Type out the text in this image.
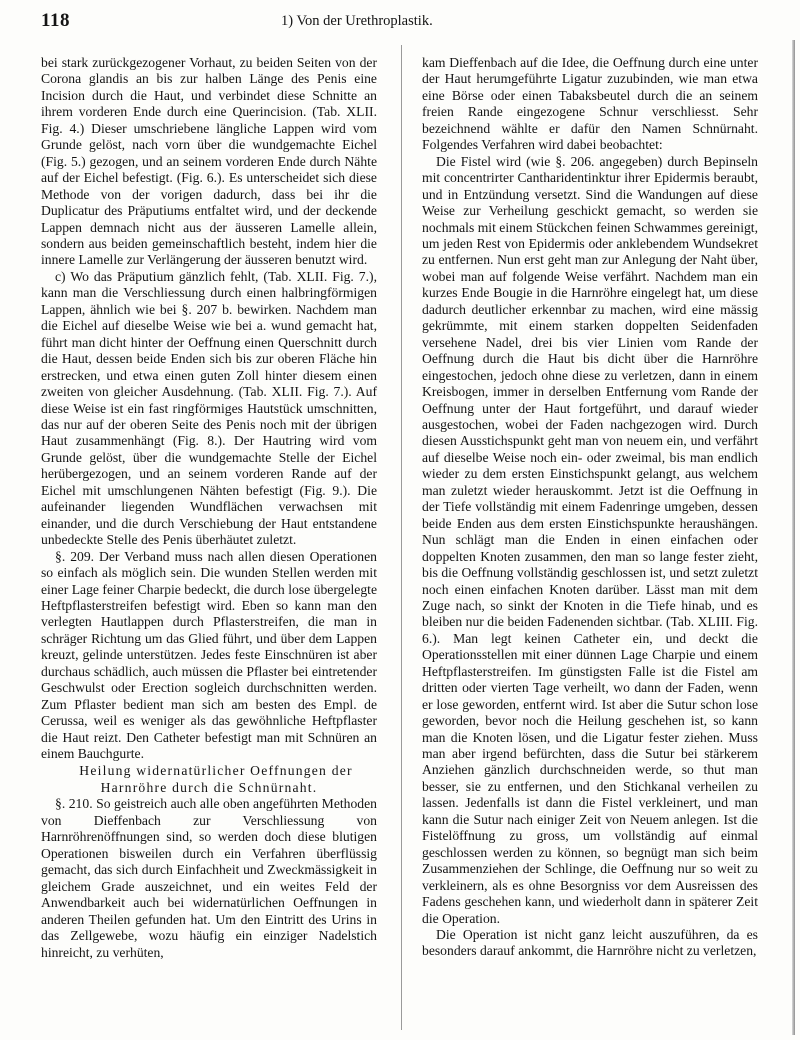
118	1) Von der Urethroplastik.

bei stark zurückgezogener Vorhaut, zu beiden Seiten von der Corona glandis an bis zur halben Länge des Penis eine Incision durch die Haut, und verbindet diese Schnitte an ihrem vorderen Ende durch eine Querincision. (Tab. XLII. Fig. 4.) Dieser umschriebene längliche Lappen wird vom Grunde gelöst, nach vorn über die wundgemachte Eichel (Fig. 5.) gezogen, und an seinem vorderen Ende durch Nähte auf der Eichel befestigt. (Fig. 6.). Es unterscheidet sich diese Methode von der vorigen dadurch, dass bei ihr die Duplicatur des Präputiums entfaltet wird, und der deckende Lappen demnach nicht aus der äusseren Lamelle allein, sondern aus beiden gemeinschaftlich besteht, indem hier die innere Lamelle zur Verlängerung der äusseren benutzt wird.

c) Wo das Präputium gänzlich fehlt, (Tab. XLII. Fig. 7.), kann man die Verschliessung durch einen halbringförmigen Lappen, ähnlich wie bei §. 207 b. bewirken. Nachdem man die Eichel auf dieselbe Weise wie bei a. wund gemacht hat, führt man dicht hinter der Oeffnung einen Querschnitt durch die Haut, dessen beide Enden sich bis zur oberen Fläche hin erstrecken, und etwa einen guten Zoll hinter diesem einen zweiten von gleicher Ausdehnung. (Tab. XLII. Fig. 7.). Auf diese Weise ist ein fast ringförmiges Hautstück umschnitten, das nur auf der oberen Seite des Penis noch mit der übrigen Haut zusammenhängt (Fig. 8.). Der Hautring wird vom Grunde gelöst, über die wundgemachte Stelle der Eichel herübergezogen, und an seinem vorderen Rande auf der Eichel mit umschlungenen Nähten befestigt (Fig. 9.). Die aufeinander liegenden Wundflächen verwachsen mit einander, und die durch Verschiebung der Haut entstandene unbedeckte Stelle des Penis überhäutet zuletzt.

§. 209. Der Verband muss nach allen diesen Operationen so einfach als möglich sein. Die wunden Stellen werden mit einer Lage feiner Charpie bedeckt, die durch lose übergelegte Heftpflasterstreifen befestigt wird. Eben so kann man den verlegten Hautlappen durch Pflasterstreifen, die man in schräger Richtung um das Glied führt, und über dem Lappen kreuzt, gelinde unterstützen. Jedes feste Einschnüren ist aber durchaus schädlich, auch müssen die Pflaster bei eintretender Geschwulst oder Erection sogleich durchschnitten werden. Zum Pflaster bedient man sich am besten des Empl. de Cerussa, weil es weniger als das gewöhnliche Heftpflaster die Haut reizt. Den Catheter befestigt man mit Schnüren an einem Bauchgurte.

Heilung widernatürlicher Oeffnungen der Harnröhre durch die Schnürnaht.

§. 210. So geistreich auch alle oben angeführten Methoden von Dieffenbach zur Verschliessung von Harnröhrenöffnungen sind, so werden doch diese blutigen Operationen bisweilen durch ein Verfahren überflüssig gemacht, das sich durch Einfachheit und Zweckmässigkeit in gleichem Grade auszeichnet, und ein weites Feld der Anwendbarkeit auch bei widernatürlichen Oeffnungen in anderen Theilen gefunden hat. Um den Eintritt des Urins in das Zellgewebe, wozu häufig ein einziger Nadelstich hinreicht, zu verhüten,

kam Dieffenbach auf die Idee, die Oeffnung durch eine unter der Haut herumgeführte Ligatur zuzubinden, wie man etwa eine Börse oder einen Tabaksbeutel durch die an seinem freien Rande eingezogene Schnur verschliesst. Sehr bezeichnend wählte er dafür den Namen Schnürnaht. Folgendes Verfahren wird dabei beobachtet:

Die Fistel wird (wie §. 206. angegeben) durch Bepinseln mit concentrirter Cantharidentinktur ihrer Epidermis beraubt, und in Entzündung versetzt. Sind die Wandungen auf diese Weise zur Verheilung geschickt gemacht, so werden sie nochmals mit einem Stückchen feinen Schwammes gereinigt, um jeden Rest von Epidermis oder anklebendem Wundsekret zu entfernen. Nun erst geht man zur Anlegung der Naht über, wobei man auf folgende Weise verfährt. Nachdem man ein kurzes Ende Bougie in die Harnröhre eingelegt hat, um diese dadurch deutlicher erkennbar zu machen, wird eine mässig gekrümmte, mit einem starken doppelten Seidenfaden versehene Nadel, drei bis vier Linien vom Rande der Oeffnung durch die Haut bis dicht über die Harnröhre eingestochen, jedoch ohne diese zu verletzen, dann in einem Kreisbogen, immer in derselben Entfernung vom Rande der Oeffnung unter der Haut fortgeführt, und darauf wieder ausgestochen, wobei der Faden nachgezogen wird. Durch diesen Ausstichspunkt geht man von neuem ein, und verfährt auf dieselbe Weise noch ein- oder zweimal, bis man endlich wieder zu dem ersten Einstichspunkt gelangt, aus welchem man zuletzt wieder herauskommt. Jetzt ist die Oeffnung in der Tiefe vollständig mit einem Fadenringe umgeben, dessen beide Enden aus dem ersten Einstichspunkte heraushängen. Nun schlägt man die Enden in einen einfachen oder doppelten Knoten zusammen, den man so lange fester zieht, bis die Oeffnung vollständig geschlossen ist, und setzt zuletzt noch einen einfachen Knoten darüber. Lässt man mit dem Zuge nach, so sinkt der Knoten in die Tiefe hinab, und es bleiben nur die beiden Fadenenden sichtbar. (Tab. XLIII. Fig. 6.). Man legt keinen Catheter ein, und deckt die Operationsstellen mit einer dünnen Lage Charpie und einem Heftpflasterstreifen. Im günstigsten Falle ist die Fistel am dritten oder vierten Tage verheilt, wo dann der Faden, wenn er lose geworden, entfernt wird. Ist aber die Sutur schon lose geworden, bevor noch die Heilung geschehen ist, so kann man die Knoten lösen, und die Ligatur fester ziehen. Muss man aber irgend befürchten, dass die Sutur bei stärkerem Anziehen gänzlich durchschneiden werde, so thut man besser, sie zu entfernen, und den Stichkanal verheilen zu lassen. Jedenfalls ist dann die Fistel verkleinert, und man kann die Sutur nach einiger Zeit von Neuem anlegen. Ist die Fistelöffnung zu gross, um vollständig auf einmal geschlossen werden zu können, so begnügt man sich beim Zusammenziehen der Schlinge, die Oeffnung nur so weit zu verkleinern, als es ohne Besorgniss vor dem Ausreissen des Fadens geschehen kann, und wiederholt dann in späterer Zeit die Operation.

Die Operation ist nicht ganz leicht auszuführen, da es besonders darauf ankommt, die Harnröhre nicht zu verletzen,
